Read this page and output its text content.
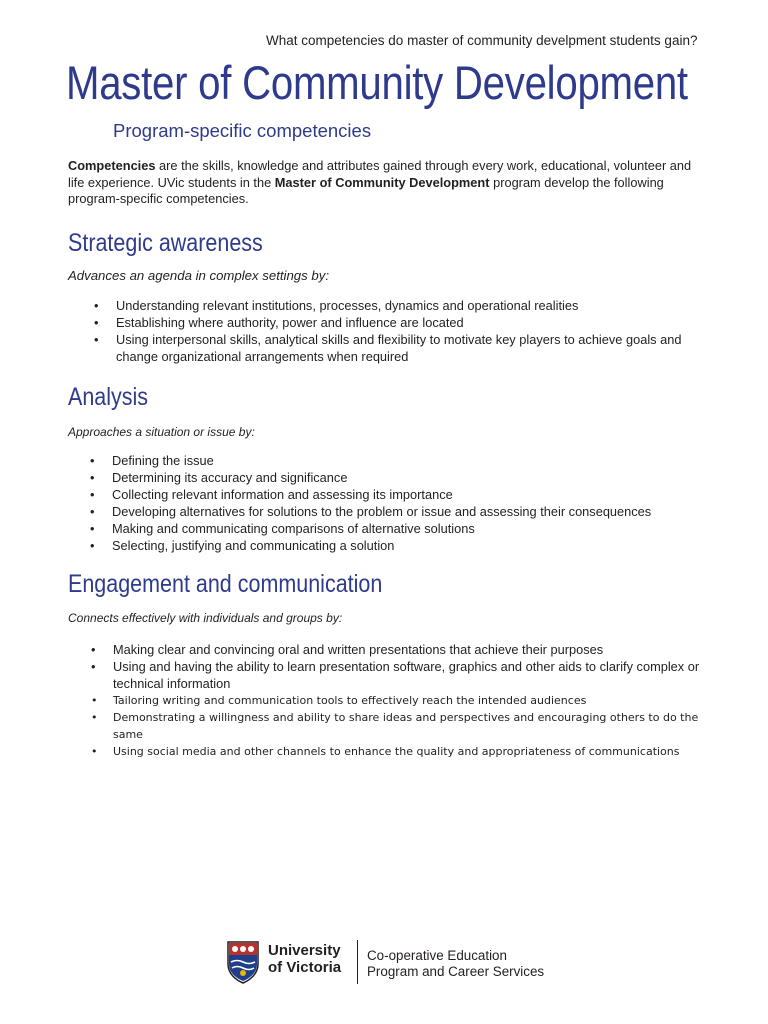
What competencies do master of community develpment students gain?
Master of Community Development
Program-specific competencies
Competencies are the skills, knowledge and attributes gained through every work, educational, volunteer and life experience. UVic students in the Master of Community Development program develop the following program-specific competencies.
Strategic awareness
Advances an agenda in complex settings by:
• Understanding relevant institutions, processes, dynamics and operational realities
• Establishing where authority, power and influence are located
• Using interpersonal skills, analytical skills and flexibility to motivate key players to achieve goals and change organizational arrangements when required
Analysis
Approaches a situation or issue by:
• Defining the issue
• Determining its accuracy and significance
• Collecting relevant information and assessing its importance
• Developing alternatives for solutions to the problem or issue and assessing their consequences
• Making and communicating comparisons of alternative solutions
• Selecting, justifying and communicating a solution
Engagement and communication
Connects effectively with individuals and groups by:
• Making clear and convincing oral and written presentations that achieve their purposes
• Using and having the ability to learn presentation software, graphics and other aids to clarify complex or technical information
• Tailoring writing and communication tools to effectively reach the intended audiences
• Demonstrating a willingness and ability to share ideas and perspectives and encouraging others to do the same
• Using social media and other channels to enhance the quality and appropriateness of communications
University
of Victoria
Co-operative Education
Program and Career Services
